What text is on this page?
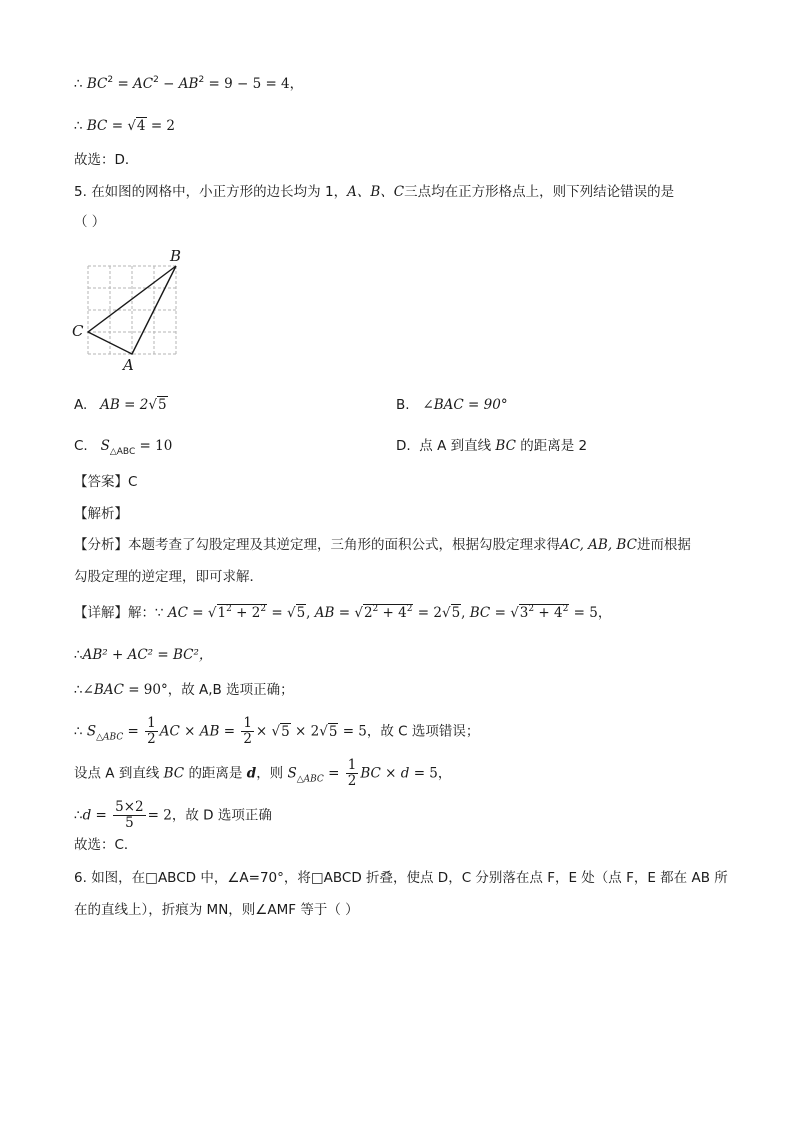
∴ $BC^2 = AC^2 - AB^2 = 9 - 5 = 4$，
∴ BC = √4 = 2
故选：D．
5. 在如图的网格中，小正方形的边长均为 1，A、B、C三点均在正方形格点上，则下列结论错误的是
（ ）
B
C
A
A. AB = 2√5	B. ∠BAC = 90°
C. $S_{\triangle ABC} = 10$	D. 点 A 到直线 BC 的距离是 2
【答案】C
【解析】
【分析】本题考查了勾股定理及其逆定理，三角形的面积公式，根据勾股定理求得AC, AB, BC进而根据
勾股定理的逆定理，即可求解．
【详解】解：∵ AC = $√1^2 + 2^2 = √5$, AB = $√2^2 + 4^2 = 2√5$, BC = $√3^2 + 4^2 = 5$，
∴AB² + AC² = BC²，
∴∠BAC = 90°，故 A,B 选项正确；
∴ $S_{\triangle ABC} = \frac{1}{2}$ AC × AB = $\frac{1}{2} \times √5 \times 2√5 = 5$，故 C 选项错误；
设点 A 到直线 BC 的距离是 d，则 $S_{\triangle ABC} = \frac{1}{2}$ BC × d = 5，
∴d = $\frac{5\times 2}{5} = 2$，故 D 选项正确
故选：C．
6. 如图，在□ABCD 中，∠A=70°，将□ABCD 折叠，使点 D，C 分别落在点 F，E 处（点 F，E 都在 AB 所
在的直线上），折痕为 MN，则∠AMF 等于（ ）
